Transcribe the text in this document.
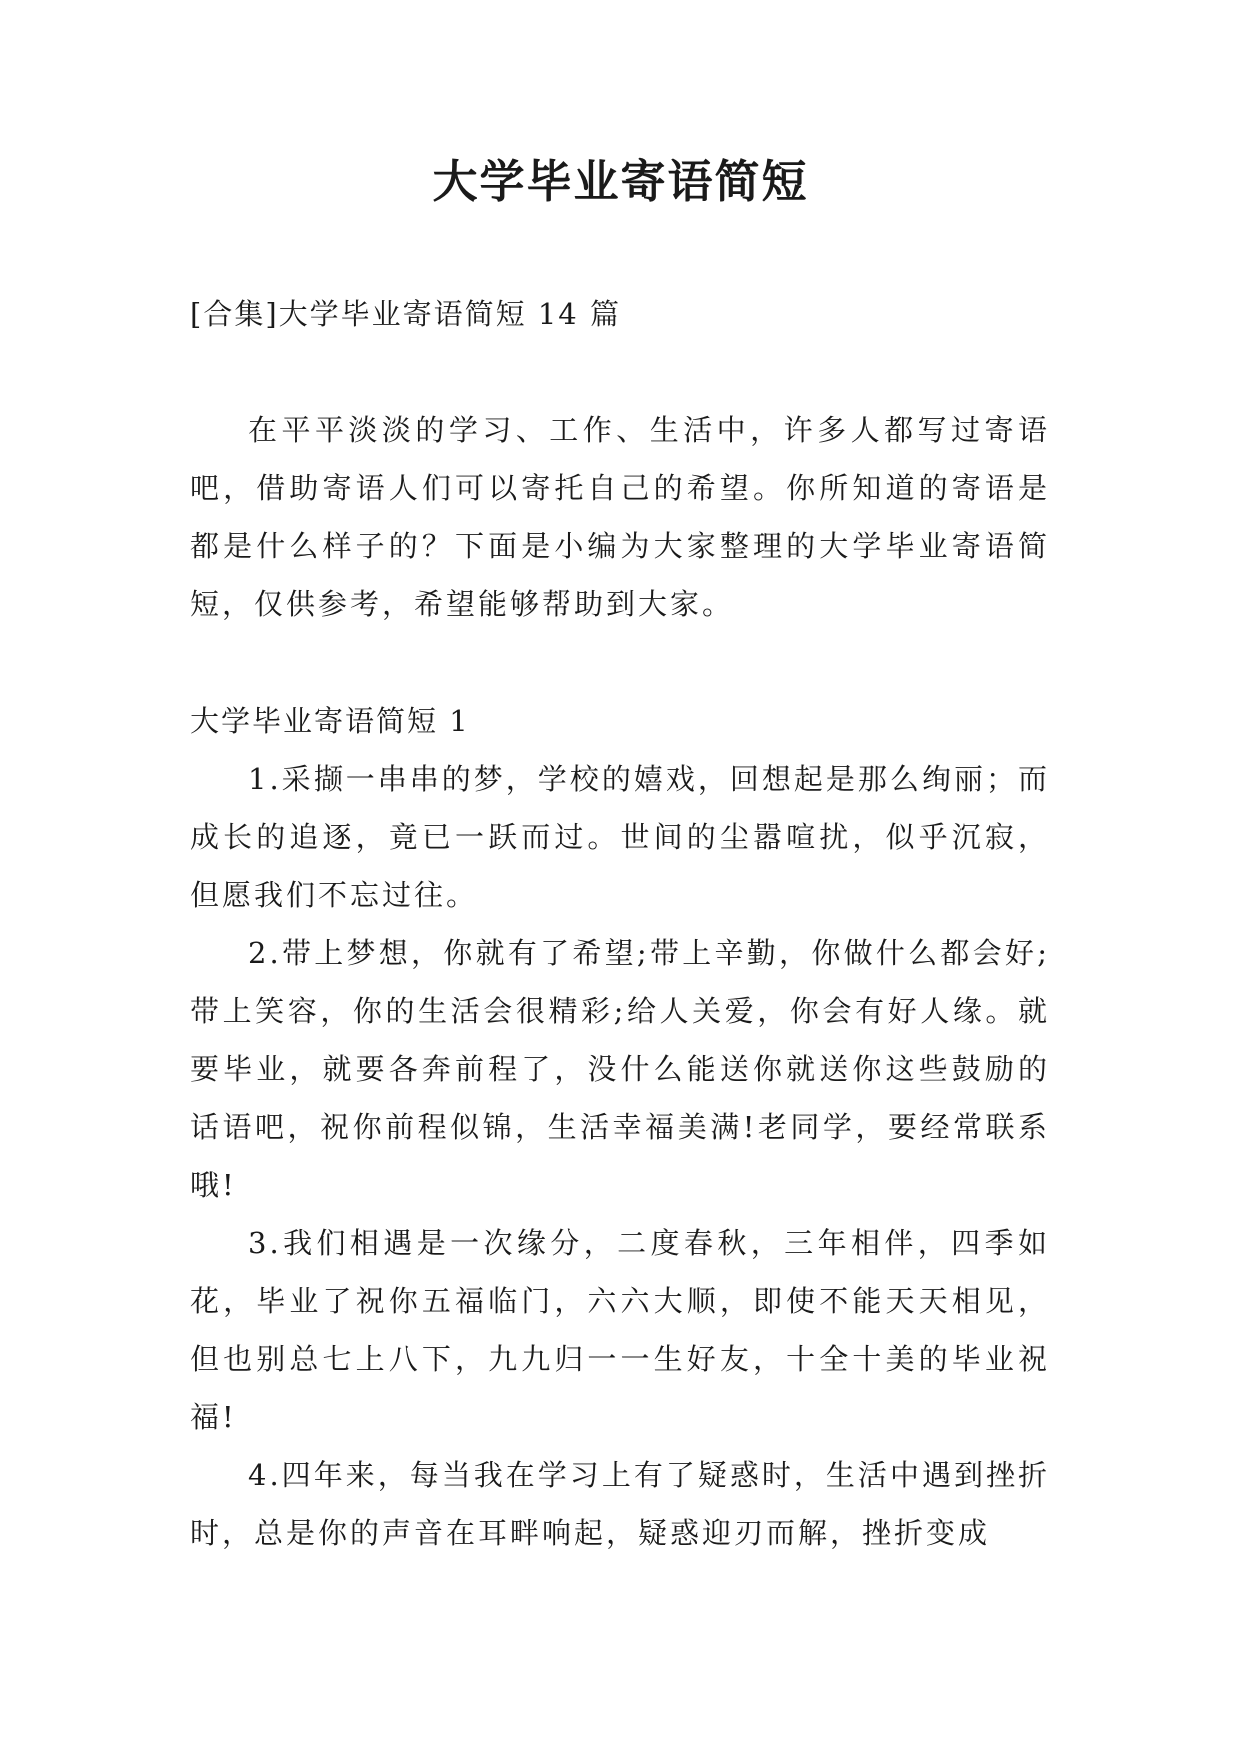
大学毕业寄语简短
[合集]大学毕业寄语简短 14 篇

在平平淡淡的学习、工作、生活中，许多人都写过寄语吧，借助寄语人们可以寄托自己的希望。你所知道的寄语是都是什么样子的？下面是小编为大家整理的大学毕业寄语简短，仅供参考，希望能够帮助到大家。

大学毕业寄语简短 1

1.采撷一串串的梦，学校的嬉戏，回想起是那么绚丽；而成长的追逐，竟已一跃而过。世间的尘嚣喧扰，似乎沉寂，但愿我们不忘过往。

2.带上梦想，你就有了希望;带上辛勤，你做什么都会好;带上笑容，你的生活会很精彩;给人关爱，你会有好人缘。就要毕业，就要各奔前程了，没什么能送你就送你这些鼓励的话语吧，祝你前程似锦，生活幸福美满!老同学，要经常联系哦!

3.我们相遇是一次缘分，二度春秋，三年相伴，四季如花，毕业了祝你五福临门，六六大顺，即使不能天天相见，但也别总七上八下，九九归一一生好友，十全十美的毕业祝福!

4.四年来，每当我在学习上有了疑惑时，生活中遇到挫折时，总是你的声音在耳畔响起，疑惑迎刃而解，挫折变成
